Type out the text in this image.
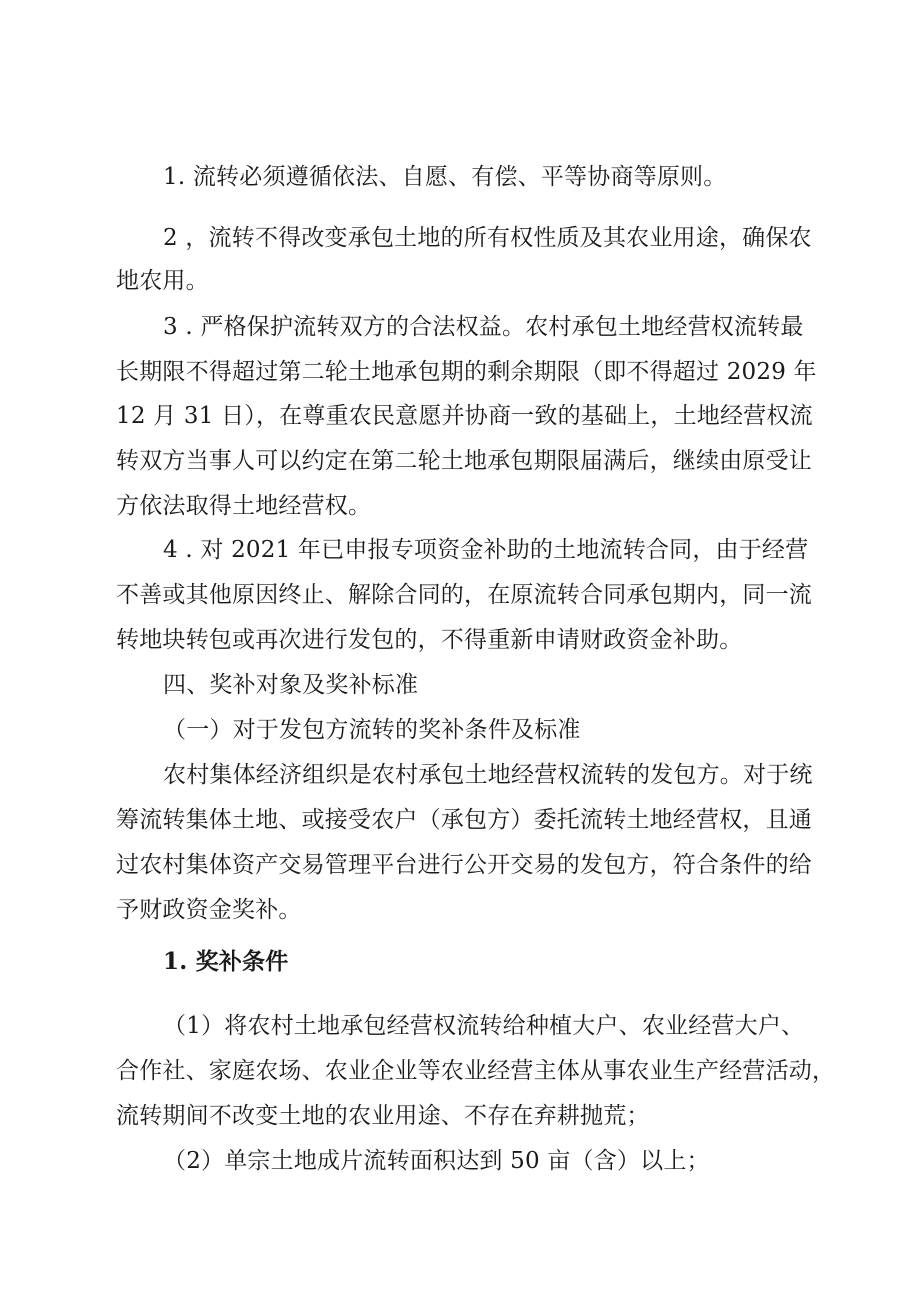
1. 流转必须遵循依法、自愿、有偿、平等协商等原则。
2 ，流转不得改变承包土地的所有权性质及其农业用途，确保农
地农用。
3 . 严格保护流转双方的合法权益。农村承包土地经营权流转最
长期限不得超过第二轮土地承包期的剩余期限（即不得超过 2029 年
12 月 31 日），在尊重农民意愿并协商一致的基础上，土地经营权流
转双方当事人可以约定在第二轮土地承包期限届满后，继续由原受让
方依法取得土地经营权。
4 . 对 2021 年已申报专项资金补助的土地流转合同，由于经营
不善或其他原因终止、解除合同的，在原流转合同承包期内，同一流
转地块转包或再次进行发包的，不得重新申请财政资金补助。
四、奖补对象及奖补标准
（一）对于发包方流转的奖补条件及标准
农村集体经济组织是农村承包土地经营权流转的发包方。对于统
筹流转集体土地、或接受农户（承包方）委托流转土地经营权，且通
过农村集体资产交易管理平台进行公开交易的发包方，符合条件的给
予财政资金奖补。
1. 奖补条件
（1）将农村土地承包经营权流转给种植大户、农业经营大户、
合作社、家庭农场、农业企业等农业经营主体从事农业生产经营活动，
流转期间不改变土地的农业用途、不存在弃耕抛荒；
（2）单宗土地成片流转面积达到 50 亩（含）以上；
